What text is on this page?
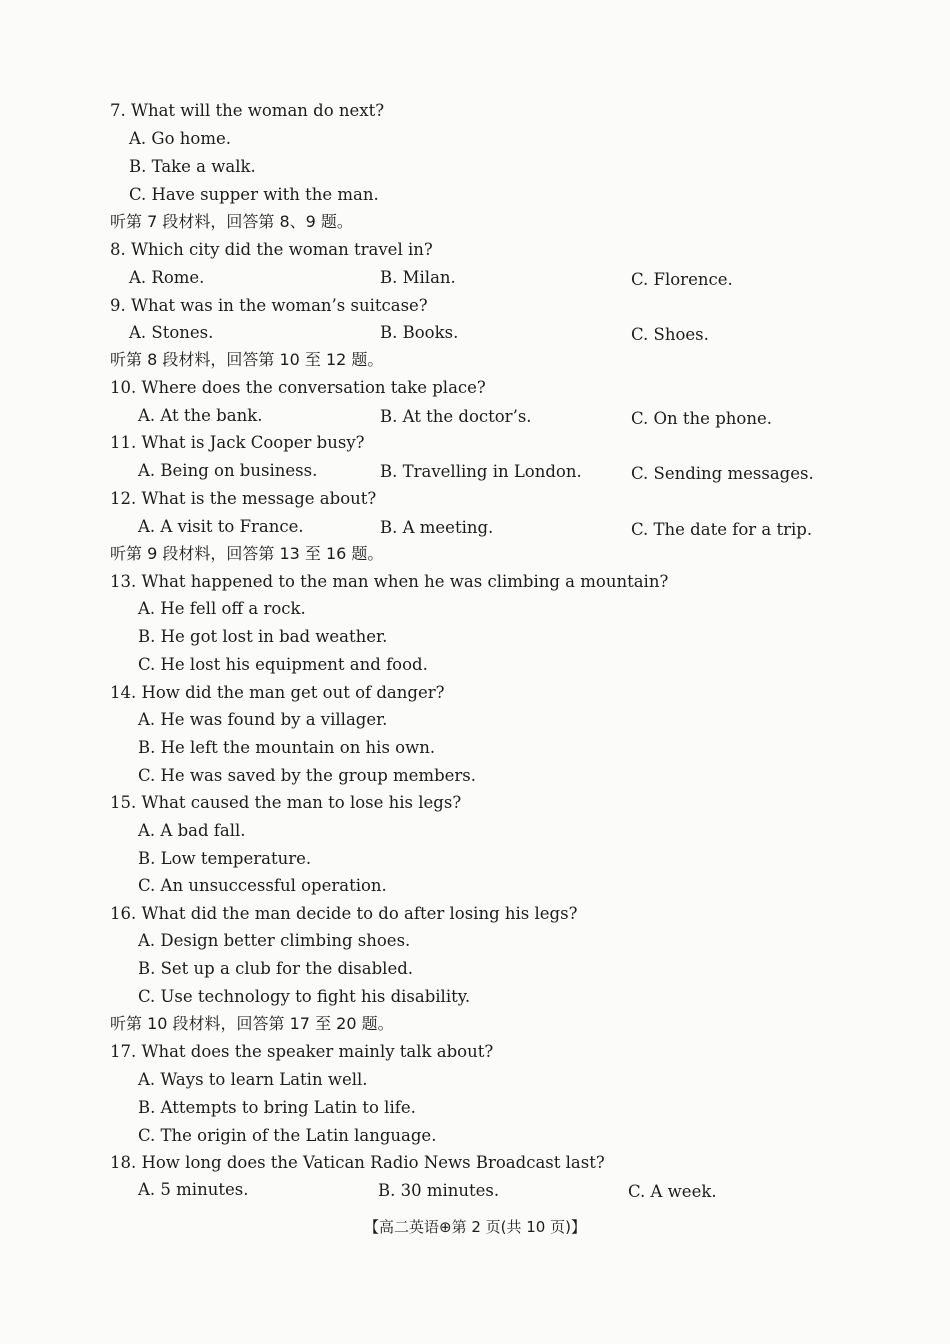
7. What will the woman do next?
A. Go home.
B. Take a walk.
C. Have supper with the man.
听第 7 段材料，回答第 8、9 题。
8. Which city did the woman travel in?
A. Rome.	B. Milan.	C. Florence.
9. What was in the woman’s suitcase?
A. Stones.	B. Books.	C. Shoes.
听第 8 段材料，回答第 10 至 12 题。
10. Where does the conversation take place?
A. At the bank.	B. At the doctor’s.	C. On the phone.
11. What is Jack Cooper busy?
A. Being on business.	B. Travelling in London.	C. Sending messages.
12. What is the message about?
A. A visit to France.	B. A meeting.	C. The date for a trip.
听第 9 段材料，回答第 13 至 16 题。
13. What happened to the man when he was climbing a mountain?
A. He fell off a rock.
B. He got lost in bad weather.
C. He lost his equipment and food.
14. How did the man get out of danger?
A. He was found by a villager.
B. He left the mountain on his own.
C. He was saved by the group members.
15. What caused the man to lose his legs?
A. A bad fall.
B. Low temperature.
C. An unsuccessful operation.
16. What did the man decide to do after losing his legs?
A. Design better climbing shoes.
B. Set up a club for the disabled.
C. Use technology to fight his disability.
听第 10 段材料，回答第 17 至 20 题。
17. What does the speaker mainly talk about?
A. Ways to learn Latin well.
B. Attempts to bring Latin to life.
C. The origin of the Latin language.
18. How long does the Vatican Radio News Broadcast last?
A. 5 minutes.	B. 30 minutes.	C. A week.
【高二英语⊕第 2 页(共 10 页)】
